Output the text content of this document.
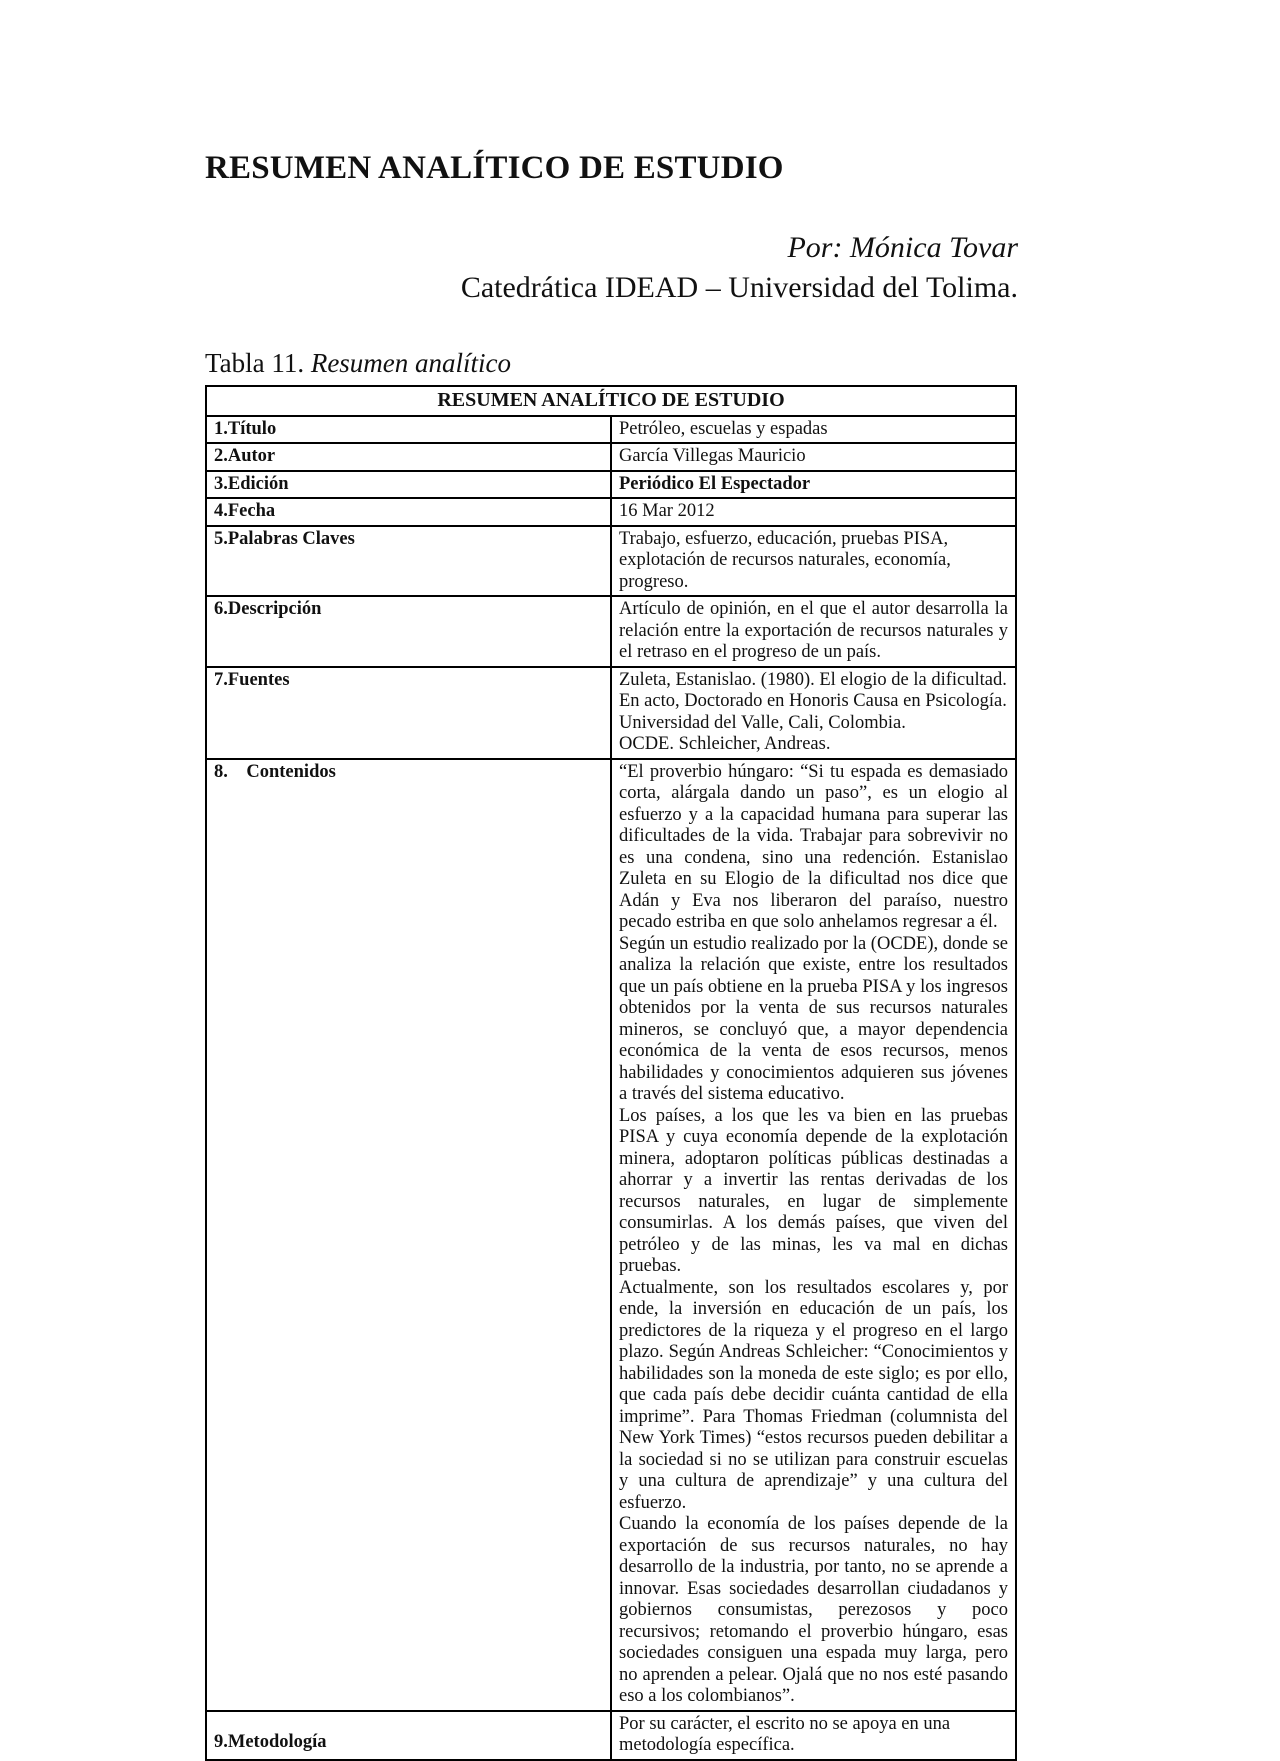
RESUMEN ANALÍTICO DE ESTUDIO
Por: Mónica Tovar
Catedrática IDEAD – Universidad del Tolima.
Tabla 11. Resumen analítico
RESUMEN ANALÍTICO DE ESTUDIO	
1.Título	Petróleo, escuelas y espadas
2.Autor	García Villegas Mauricio
3.Edición	Periódico El Espectador
4.Fecha	16 Mar 2012
5.Palabras Claves	Trabajo, esfuerzo, educación, pruebas PISA, explotación de recursos naturales, economía, progreso.
6.Descripción	Artículo de opinión, en el que el autor desarrolla la relación entre la exportación de recursos naturales y el retraso en el progreso de un país.
7.Fuentes	Zuleta, Estanislao. (1980). El elogio de la dificultad. En acto, Doctorado en Honoris Causa en Psicología. Universidad del Valle, Cali, Colombia.
OCDE. Schleicher, Andreas.

8.    Contenidos	“El proverbio húngaro: “Si tu espada es demasiado corta, alárgala dando un paso”, es un elogio al esfuerzo y a la capacidad humana para superar las dificultades de la vida. Trabajar para sobrevivir no es una condena, sino una redención. Estanislao Zuleta en su Elogio de la dificultad nos dice que Adán y Eva nos liberaron del paraíso, nuestro pecado estriba en que solo anhelamos regresar a él.
Según un estudio realizado por la (OCDE), donde se analiza la relación que existe, entre los resultados que un país obtiene en la prueba PISA y los ingresos obtenidos por la venta de sus recursos naturales mineros, se concluyó que, a mayor dependencia económica de la venta de esos recursos, menos habilidades y conocimientos adquieren sus jóvenes a través del sistema educativo.
Los países, a los que les va bien en las pruebas PISA y cuya economía depende de la explotación minera, adoptaron políticas públicas destinadas a ahorrar y a invertir las rentas derivadas de los recursos naturales, en lugar de simplemente consumirlas. A los demás países, que viven del petróleo y de las minas, les va mal en dichas pruebas.
Actualmente, son los resultados escolares y, por ende, la inversión en educación de un país, los predictores de la riqueza y el progreso en el largo plazo. Según Andreas Schleicher: “Conocimientos y habilidades son la moneda de este siglo; es por ello, que cada país debe decidir cuánta cantidad de ella imprime”. Para Thomas Friedman (columnista del New York Times) “estos recursos pueden debilitar a la sociedad si no se utilizan para construir escuelas y una cultura de aprendizaje” y una cultura del esfuerzo.
Cuando la economía de los países depende de la exportación de sus recursos naturales, no hay desarrollo de la industria, por tanto, no se aprende a innovar. Esas sociedades desarrollan ciudadanos y gobiernos consumistas, perezosos y poco recursivos; retomando el proverbio húngaro, esas sociedades consiguen una espada muy larga, pero no aprenden a pelear. Ojalá que no nos esté pasando eso a los colombianos”.

9.Metodología	Por su carácter, el escrito no se apoya en una metodología específica.
